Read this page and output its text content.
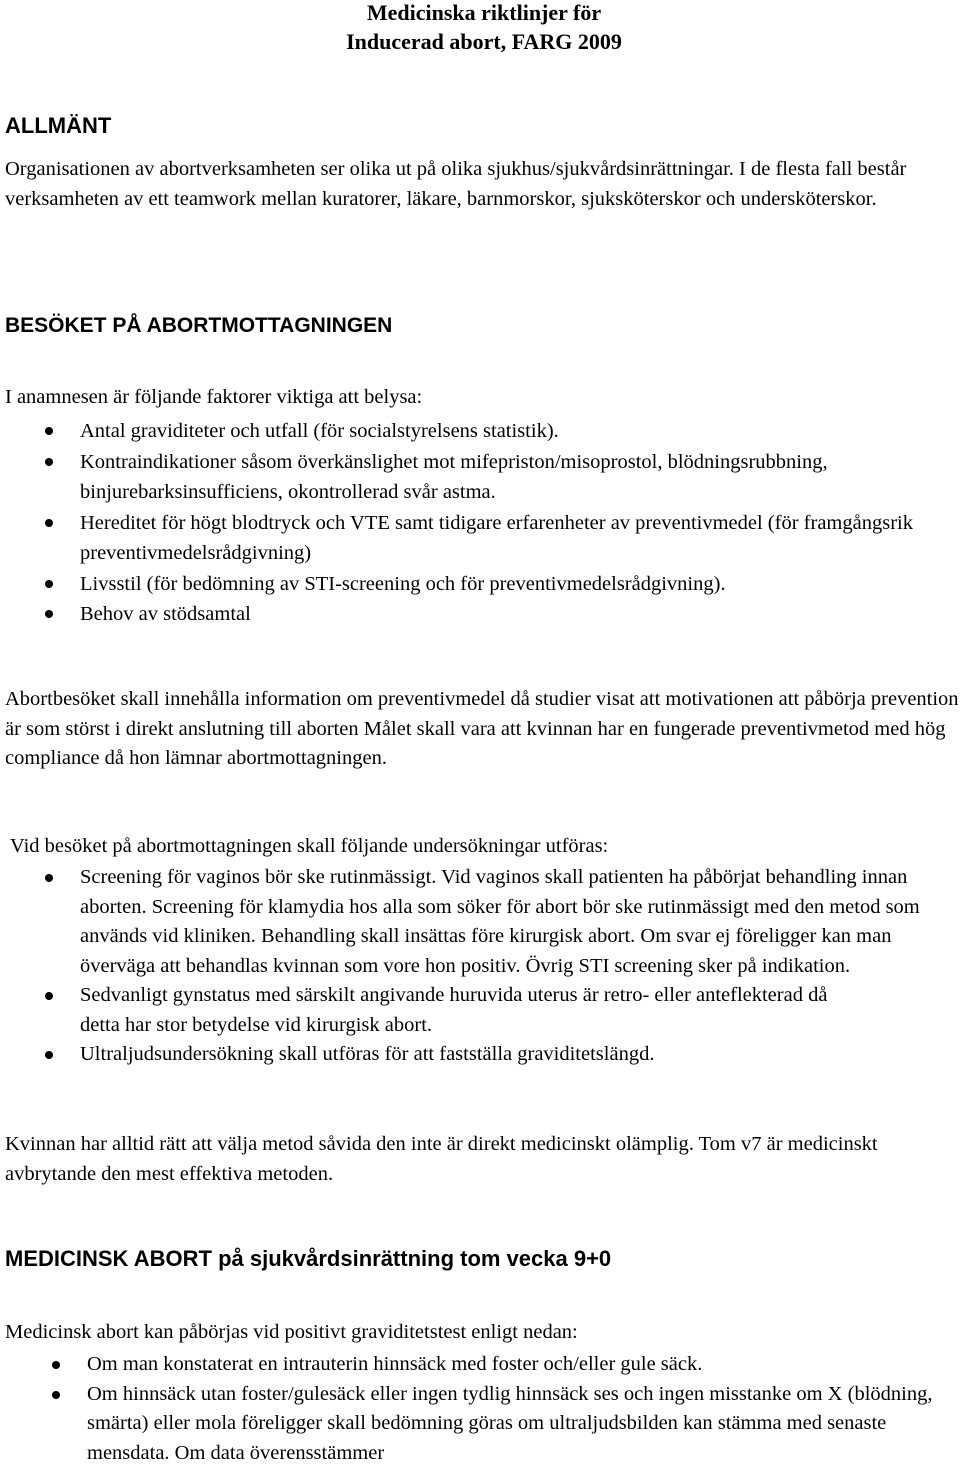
Medicinska riktlinjer för
Inducerad abort, FARG 2009
ALLMÄNT

Organisationen av abortverksamheten ser olika ut på olika sjukhus/sjukvårdsinrättningar. I de flesta fall består verksamheten av ett teamwork mellan kuratorer, läkare, barnmorskor, sjuksköterskor och undersköterskor.

BESÖKET PÅ ABORTMOTTAGNINGEN

I anamnesen är följande faktorer viktiga att belysa:

Antal graviditeter och utfall (för socialstyrelsens statistik).
Kontraindikationer såsom överkänslighet mot mifepriston/misoprostol, blödningsrubbning, binjurebarksinsufficiens, okontrollerad svår astma.
Hereditet för högt blodtryck och VTE samt tidigare erfarenheter av preventivmedel (för framgångsrik preventivmedelsrådgivning)
Livsstil (för bedömning av STI-screening och för preventivmedelsrådgivning).
Behov av stödsamtal

Abortbesöket skall innehålla information om preventivmedel då studier visat att motivationen att påbörja prevention är som störst i direkt anslutning till aborten Målet skall vara att kvinnan har en fungerade preventivmetod med hög compliance då hon lämnar abortmottagningen.

Vid besöket på abortmottagningen skall följande undersökningar utföras:

Screening för vaginos bör ske rutinmässigt. Vid vaginos skall patienten ha påbörjat behandling innan aborten. Screening för klamydia hos alla som söker för abort bör ske rutinmässigt med den metod som används vid kliniken. Behandling skall insättas före kirurgisk abort. Om svar ej föreligger kan man överväga att behandlas kvinnan som vore hon positiv. Övrig STI screening sker på indikation.
Sedvanligt gynstatus med särskilt angivande huruvida uterus är retro- eller anteflekterad då detta har stor betydelse vid kirurgisk abort.
Ultraljudsundersökning skall utföras för att fastställa graviditetslängd.

Kvinnan har alltid rätt att välja metod såvida den inte är direkt medicinskt olämplig. Tom v7 är medicinskt avbrytande den mest effektiva metoden.

MEDICINSK ABORT på sjukvårdsinrättning tom vecka 9+0

Medicinsk abort kan påbörjas vid positivt graviditetstest enligt nedan:

Om man konstaterat en intrauterin hinnsäck med foster och/eller gule säck.
Om hinnsäck utan foster/gulesäck eller ingen tydlig hinnsäck ses och ingen misstanke om X (blödning, smärta) eller mola föreligger skall bedömning göras om ultraljudsbilden kan stämma med senaste mensdata. Om data överensstämmer
